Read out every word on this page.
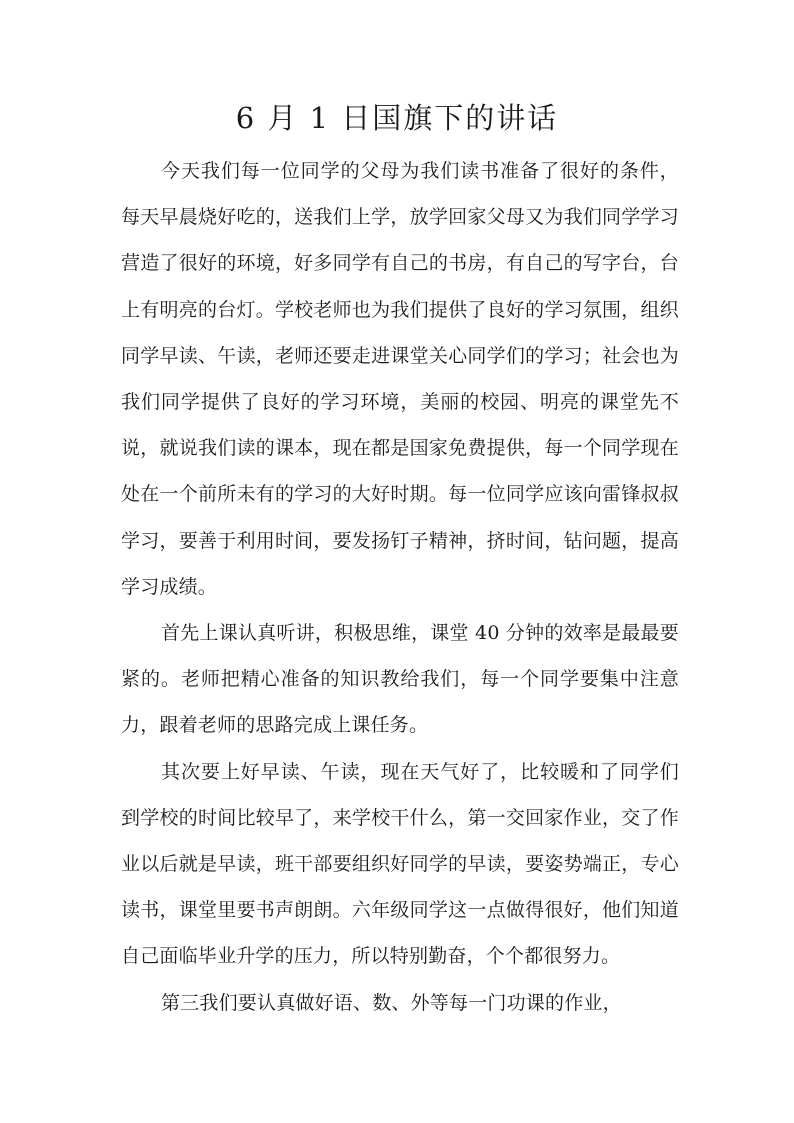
6 月 1 日国旗下的讲话

今天我们每一位同学的父母为我们读书准备了很好的条件，每天早晨烧好吃的，送我们上学，放学回家父母又为我们同学学习营造了很好的环境，好多同学有自己的书房，有自己的写字台，台上有明亮的台灯。学校老师也为我们提供了良好的学习氛围，组织同学早读、午读，老师还要走进课堂关心同学们的学习；社会也为我们同学提供了良好的学习环境，美丽的校园、明亮的课堂先不说，就说我们读的课本，现在都是国家免费提供，每一个同学现在处在一个前所未有的学习的大好时期。每一位同学应该向雷锋叔叔学习，要善于利用时间，要发扬钉子精神，挤时间，钻问题，提高学习成绩。

首先上课认真听讲，积极思维，课堂 40 分钟的效率是最最要紧的。老师把精心准备的知识教给我们，每一个同学要集中注意力，跟着老师的思路完成上课任务。

其次要上好早读、午读，现在天气好了，比较暖和了同学们到学校的时间比较早了，来学校干什么，第一交回家作业，交了作业以后就是早读，班干部要组织好同学的早读，要姿势端正，专心读书，课堂里要书声朗朗。六年级同学这一点做得很好，他们知道自己面临毕业升学的压力，所以特别勤奋，个个都很努力。

第三我们要认真做好语、数、外等每一门功课的作业，
